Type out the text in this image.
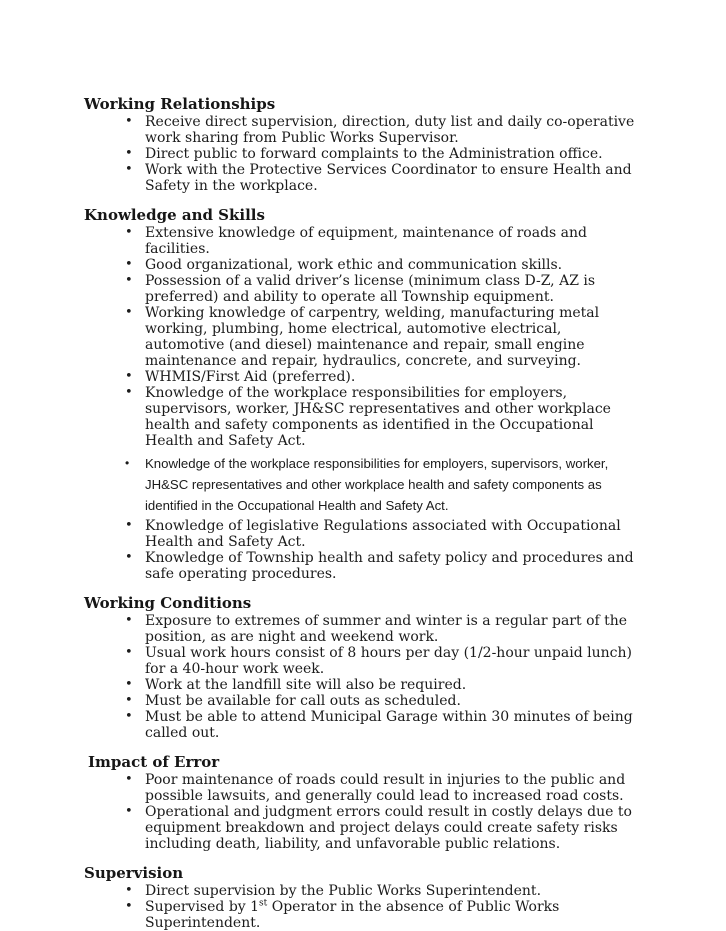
Working Relationships
• Receive direct supervision, direction, duty list and daily co-operative work sharing from Public Works Supervisor.
• Direct public to forward complaints to the Administration office.
• Work with the Protective Services Coordinator to ensure Health and Safety in the workplace.
Knowledge and Skills
• Extensive knowledge of equipment, maintenance of roads and facilities.
• Good organizational, work ethic and communication skills.
• Possession of a valid driver’s license (minimum class D-Z, AZ is preferred) and ability to operate all Township equipment.
• Working knowledge of carpentry, welding, manufacturing metal working, plumbing, home electrical, automotive electrical, automotive (and diesel) maintenance and repair, small engine maintenance and repair, hydraulics, concrete, and surveying.
• WHMIS/First Aid (preferred).
• Knowledge of the workplace responsibilities for employers, supervisors, worker, JH&SC representatives and other workplace health and safety components as identified in the Occupational Health and Safety Act.
•	Knowledge of the workplace responsibilities for employers, supervisors, worker, JH&SC representatives and other workplace health and safety components as identified in the Occupational Health and Safety Act.
• Knowledge of legislative Regulations associated with Occupational Health and Safety Act.
• Knowledge of Township health and safety policy and procedures and safe operating procedures.
Working Conditions
• Exposure to extremes of summer and winter is a regular part of the position, as are night and weekend work.
• Usual work hours consist of 8 hours per day (1/2-hour unpaid lunch) for a 40-hour work week.
• Work at the landfill site will also be required.
• Must be available for call outs as scheduled.
• Must be able to attend Municipal Garage within 30 minutes of being called out.
Impact of Error
• Poor maintenance of roads could result in injuries to the public and possible lawsuits, and generally could lead to increased road costs.
• Operational and judgment errors could result in costly delays due to equipment breakdown and project delays could create safety risks including death, liability, and unfavorable public relations.
Supervision
• Direct supervision by the Public Works Superintendent.
• Supervised by 1st Operator in the absence of Public Works Superintendent.
